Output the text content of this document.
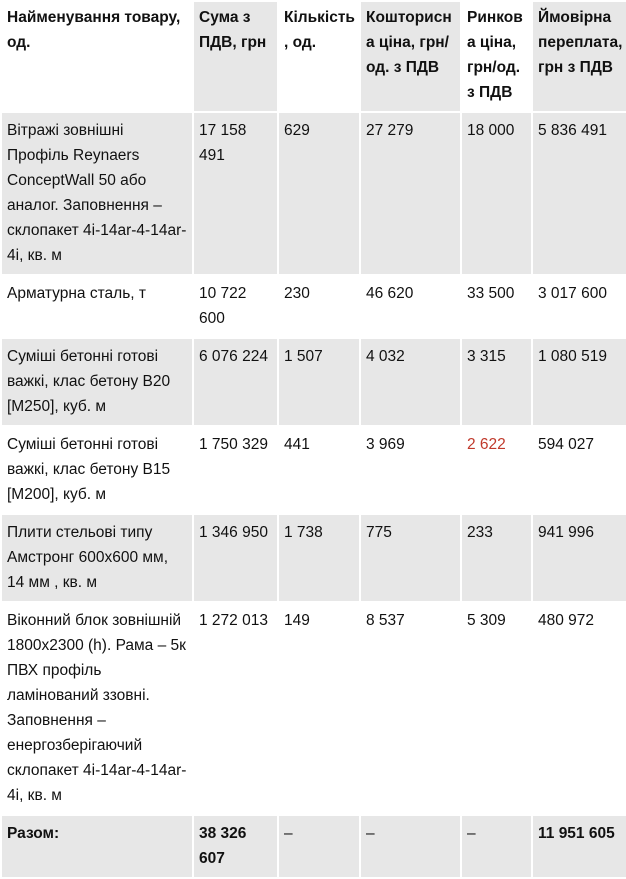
Найменування товару, од.	Сума з ПДВ, грн	Кількість, од.	Кошторисна ціна, грн/ од. з ПДВ	Ринкова ціна, грн/од. з ПДВ	Ймовірна переплата, грн з ПДВ
Вітражі зовнішні Профіль Reynaers ConceptWall 50 або аналог. Заповнення – склопакет 4і-14аr-4-14ar-4i, кв. м	17 158 491	629	27 279	18 000	5 836 491
Арматурна сталь, т	10 722 600	230	46 620	33 500	3 017 600
Суміші бетонні готові важкі, клас бетону В20 [М250], куб. м	6 076 224	1 507	4 032	3 315	1 080 519
Суміші бетонні готові важкі, клас бетону В15 [М200], куб. м	1 750 329	441	3 969	2 622	594 027
Плити стельові типу Амстронг 600х600 мм, 14 мм , кв. м	1 346 950	1 738	775	233	941 996
Віконний блок зовнішній 1800х2300 (h). Рама – 5к ПВХ профіль ламінований ззовні. Заповнення – енергозберігаючий склопакет 4і-14аr-4-14ar-4i, кв. м	1 272 013	149	8 537	5 309	480 972
Разом:	38 326 607	–	–	–	11 951 605
